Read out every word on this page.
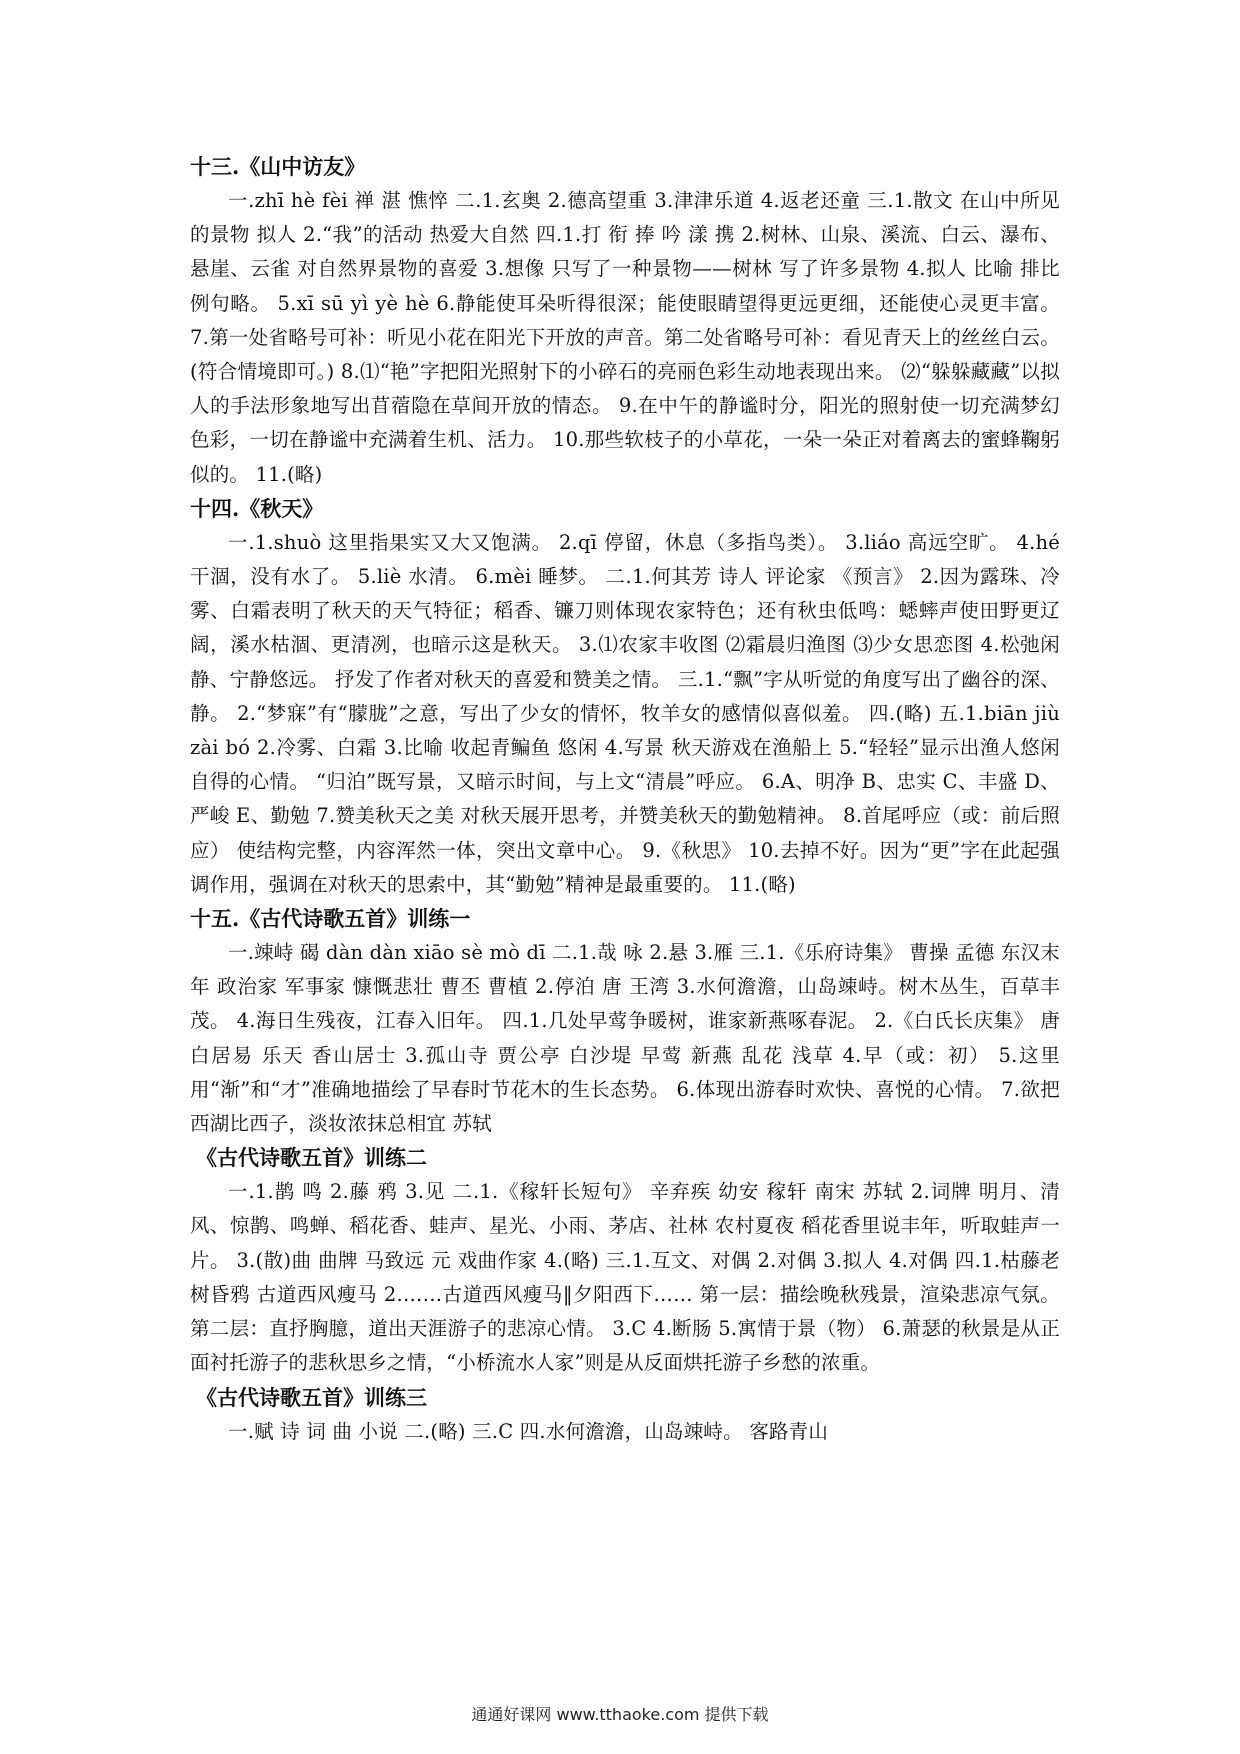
十三.《山中访友》

一.zhī hè fèi 禅 湛 憔悴 二.1.玄奥 2.德高望重 3.津津乐道 4.返老还童 三.1.散文 在山中所见的景物 拟人 2.“我”的活动 热爱大自然 四.1.打 衔 捧 吟 漾 携 2.树林、山泉、溪流、白云、瀑布、悬崖、云雀 对自然界景物的喜爱 3.想像 只写了一种景物——树林 写了许多景物 4.拟人 比喻 排比 例句略。 5.xī sū yì yè hè 6.静能使耳朵听得很深；能使眼睛望得更远更细，还能使心灵更丰富。7.第一处省略号可补：听见小花在阳光下开放的声音。第二处省略号可补：看见青天上的丝丝白云。(符合情境即可。) 8.⑴“艳”字把阳光照射下的小碎石的亮丽色彩生动地表现出来。 ⑵“躲躲藏藏”以拟人的手法形象地写出苜蓿隐在草间开放的情态。 9.在中午的静谧时分，阳光的照射使一切充满梦幻色彩，一切在静谧中充满着生机、活力。 10.那些软枝子的小草花，一朵一朵正对着离去的蜜蜂鞠躬似的。 11.(略)

十四.《秋天》

一.1.shuò 这里指果实又大又饱满。 2.qī 停留，休息（多指鸟类）。 3.liáo 高远空旷。 4.hé 干涸，没有水了。 5.liè 水清。 6.mèi 睡梦。 二.1.何其芳 诗人 评论家 《预言》 2.因为露珠、冷雾、白霜表明了秋天的天气特征；稻香、镰刀则体现农家特色；还有秋虫低鸣：蟋蟀声使田野更辽阔，溪水枯涸、更清冽，也暗示这是秋天。 3.⑴农家丰收图 ⑵霜晨归渔图 ⑶少女思恋图 4.松弛闲静、宁静悠远。 抒发了作者对秋天的喜爱和赞美之情。 三.1.“飘”字从听觉的角度写出了幽谷的深、静。 2.“梦寐”有“朦胧”之意，写出了少女的情怀，牧羊女的感情似喜似羞。 四.(略) 五.1.biān jiù zài bó 2.冷雾、白霜 3.比喻 收起青鳊鱼 悠闲 4.写景 秋天游戏在渔船上 5.“轻轻”显示出渔人悠闲自得的心情。 “归泊”既写景，又暗示时间，与上文“清晨”呼应。 6.A、明净 B、忠实 C、丰盛 D、严峻 E、勤勉 7.赞美秋天之美 对秋天展开思考，并赞美秋天的勤勉精神。 8.首尾呼应（或：前后照应） 使结构完整，内容浑然一体，突出文章中心。 9.《秋思》 10.去掉不好。因为“更”字在此起强调作用，强调在对秋天的思索中，其“勤勉”精神是最重要的。 11.(略)

十五.《古代诗歌五首》训练一

一.竦峙 碣 dàn dàn xiāo sè mò dī 二.1.哉 咏 2.悬 3.雁 三.1.《乐府诗集》 曹操 孟德 东汉末年 政治家 军事家 慷慨悲壮 曹丕 曹植 2.停泊 唐 王湾 3.水何澹澹，山岛竦峙。树木丛生，百草丰茂。 4.海日生残夜，江春入旧年。 四.1.几处早莺争暖树，谁家新燕啄春泥。 2.《白氏长庆集》 唐 白居易 乐天 香山居士 3.孤山寺 贾公亭 白沙堤 早莺 新燕 乱花 浅草 4.早（或：初） 5.这里用“渐”和“才”准确地描绘了早春时节花木的生长态势。 6.体现出游春时欢快、喜悦的心情。 7.欲把西湖比西子，淡妆浓抹总相宜 苏轼

《古代诗歌五首》训练二

一.1.鹊 鸣 2.藤 鸦 3.见 二.1.《稼轩长短句》 辛弃疾 幼安 稼轩 南宋 苏轼 2.词牌 明月、清风、惊鹊、鸣蝉、稻花香、蛙声、星光、小雨、茅店、社林 农村夏夜 稻花香里说丰年，听取蛙声一片。 3.(散)曲 曲牌 马致远 元 戏曲作家 4.(略) 三.1.互文、对偶 2.对偶 3.拟人 4.对偶 四.1.枯藤老树昏鸦 古道西风瘦马 2.……古道西风瘦马‖夕阳西下…… 第一层：描绘晚秋残景，渲染悲凉气氛。第二层：直抒胸臆，道出天涯游子的悲凉心情。 3.C 4.断肠 5.寓情于景（物） 6.萧瑟的秋景是从正面衬托游子的悲秋思乡之情，“小桥流水人家”则是从反面烘托游子乡愁的浓重。

《古代诗歌五首》训练三

一.赋 诗 词 曲 小说 二.(略) 三.C 四.水何澹澹，山岛竦峙。 客路青山

通通好课网 www.tthaoke.com 提供下载
